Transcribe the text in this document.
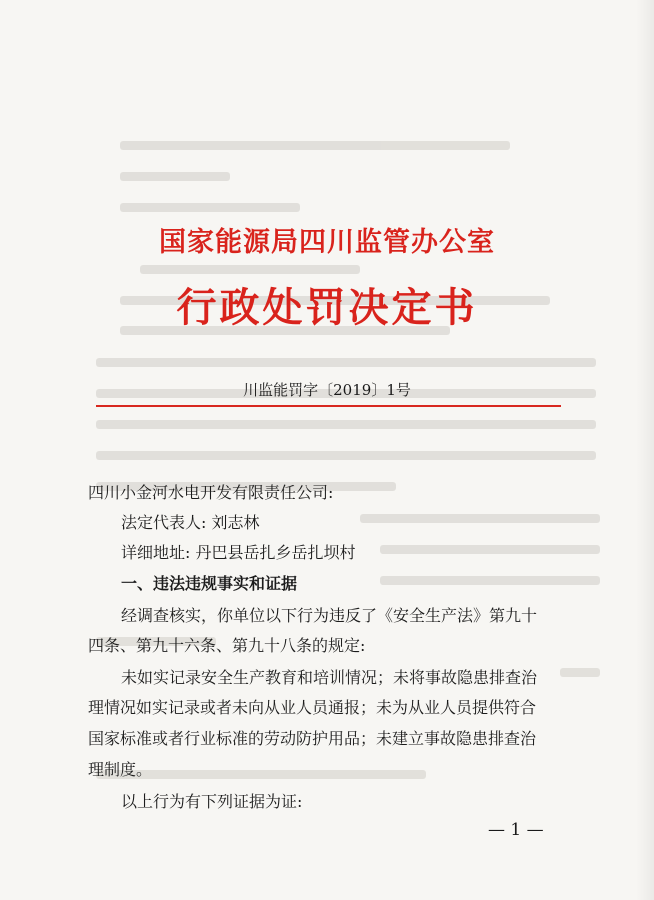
国家能源局四川监管办公室
行政处罚决定书
川监能罚字〔2019〕1号
四川小金河水电开发有限责任公司:
法定代表人: 刘志林
详细地址: 丹巴县岳扎乡岳扎坝村
一、违法违规事实和证据
经调查核实，你单位以下行为违反了《安全生产法》第九十
四条、第九十六条、第九十八条的规定:
未如实记录安全生产教育和培训情况；未将事故隐患排查治
理情况如实记录或者未向从业人员通报；未为从业人员提供符合
国家标准或者行业标准的劳动防护用品；未建立事故隐患排查治
理制度。
以上行为有下列证据为证:
— 1 —
